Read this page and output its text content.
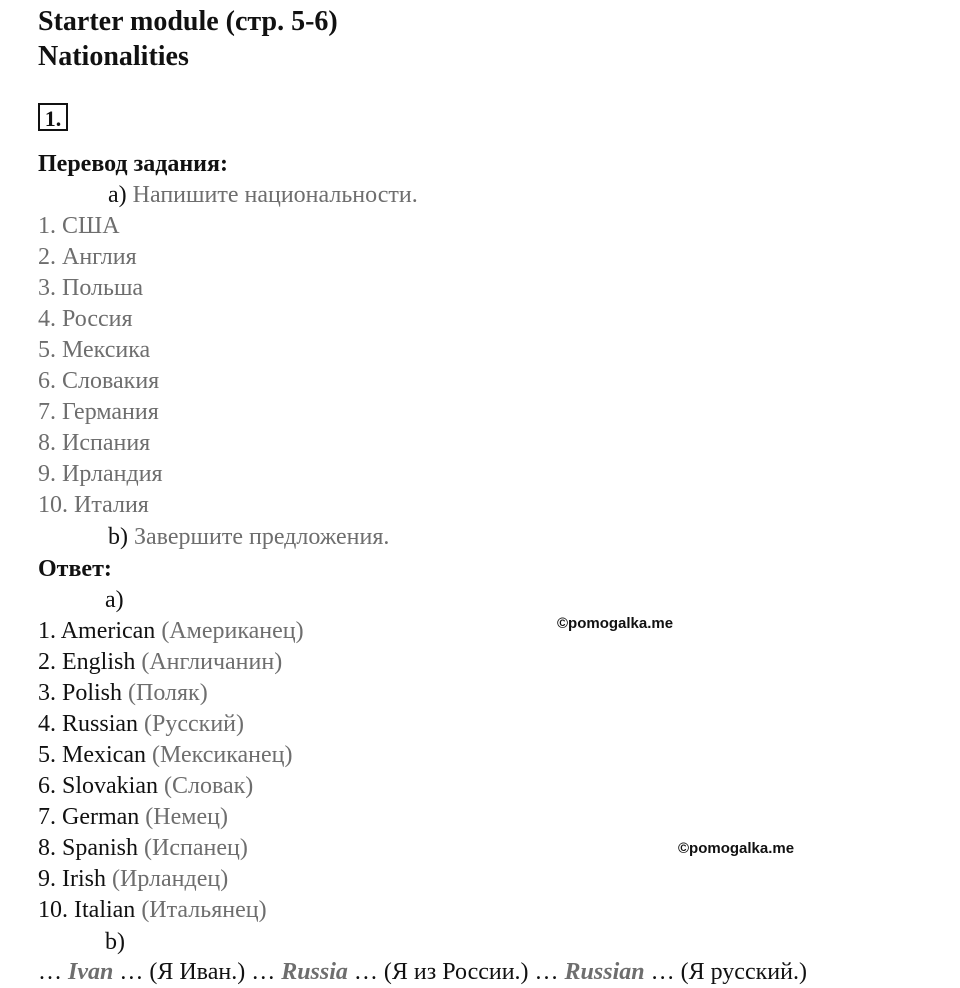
Starter module (стр. 5-6)
Nationalities
1.
Перевод задания:
a) Напишите национальности.
1. США
2. Англия
3. Польша
4. Россия
5. Мексика
6. Словакия
7. Германия
8. Испания
9. Ирландия
10. Италия
b) Завершите предложения.
Ответ:
a)
1. American (Американец)
2. English (Англичанин)
3. Polish (Поляк)
4. Russian (Русский)
5. Mexican (Мексиканец)
6. Slovakian (Словак)
7. German (Немец)
8. Spanish (Испанец)
9. Irish (Ирландец)
10. Italian (Итальянец)
b)
… Ivan … (Я Иван.) … Russia … (Я из России.) … Russian … (Я русский.)
©pomogalka.me
©pomogalka.me
